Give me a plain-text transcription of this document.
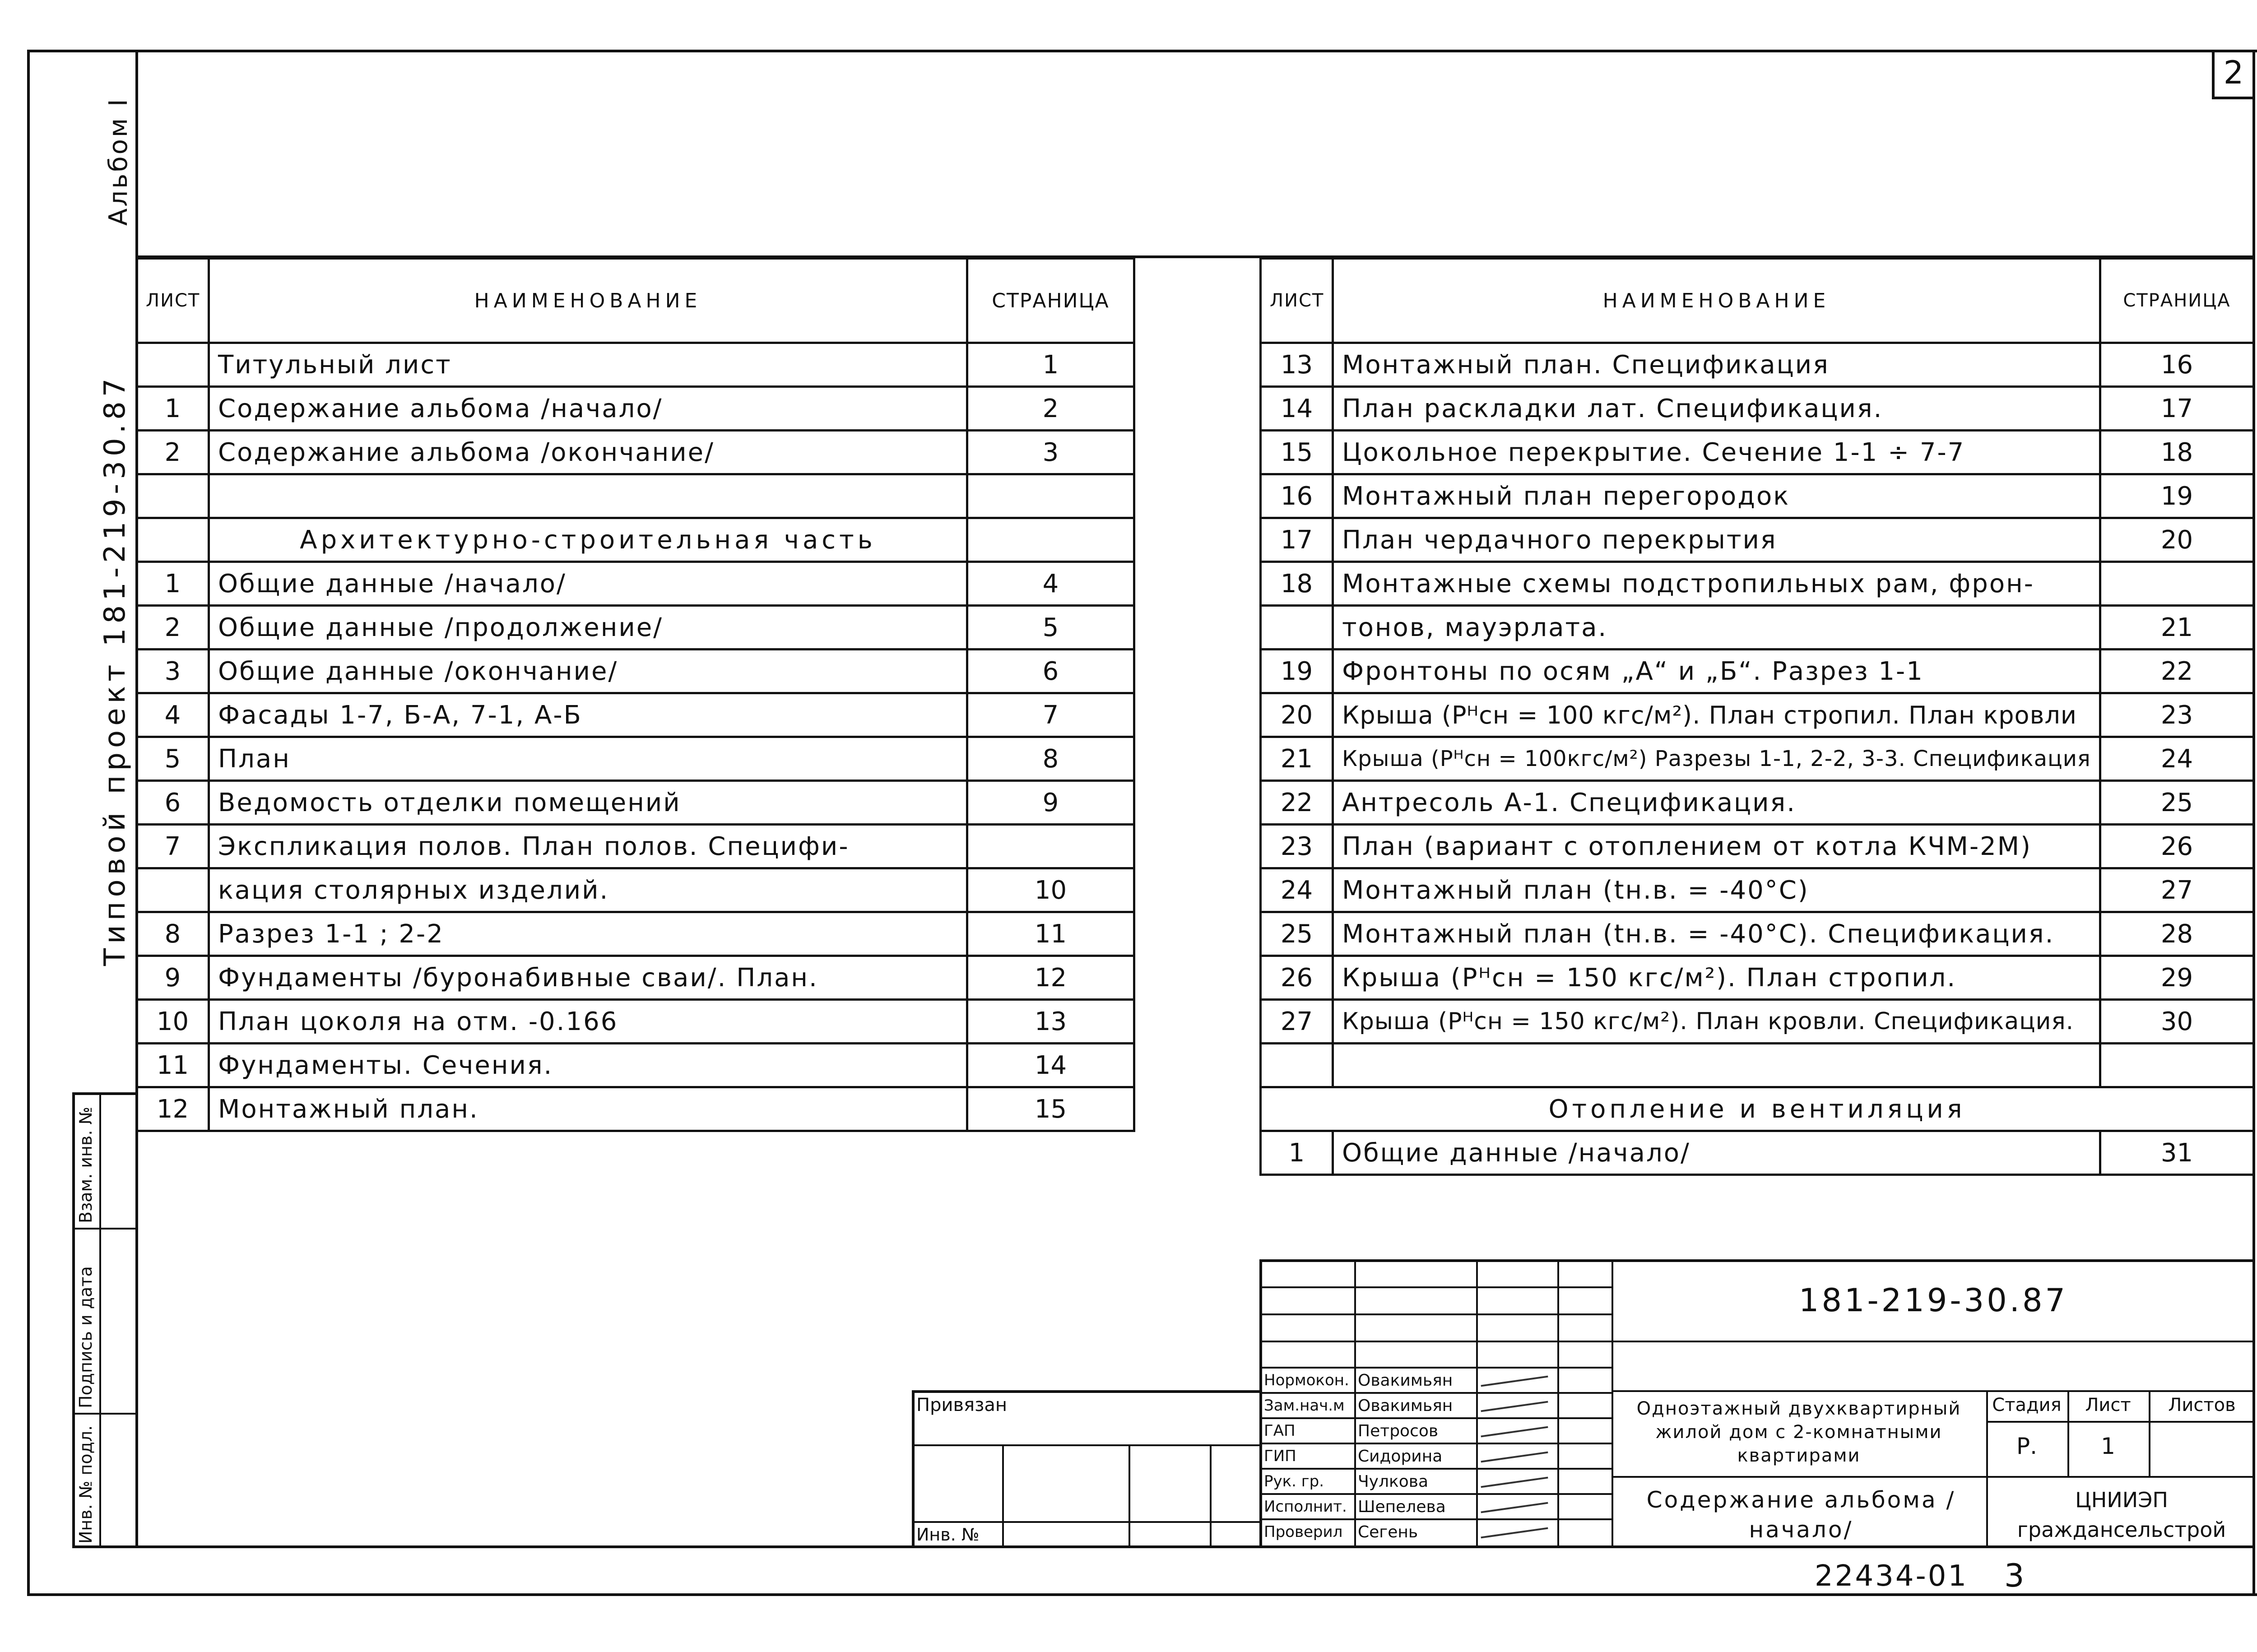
2
Альбом I
Типовой проект 181-219-30.87
Взам. инв. №
Подпись и дата
Инв. № подл.
ЛИСТ	НАИМЕНОВАНИЕ	СТРАНИЦА
	Титульный лист	1
1	Содержание альбома /начало/	2
2	Содержание альбома /окончание/	3

	Архитектурно-строительная часть	
1	Общие данные /начало/	4
2	Общие данные /продолжение/	5
3	Общие данные /окончание/	6
4	Фасады 1-7, Б-А, 7-1, А-Б	7
5	План	8
6	Ведомость отделки помещений	9
7	Экспликация полов. План полов. Специфи-	
	кация столярных изделий.	10
8	Разрез 1-1 ; 2-2	11
9	Фундаменты /буронабивные сваи/. План.	12
10	План цоколя на отм. -0.166	13
11	Фундаменты. Сечения.	14
12	Монтажный план.	15
ЛИСТ	НАИМЕНОВАНИЕ	СТРАНИЦА
13	Монтажный план. Спецификация	16
14	План раскладки лат. Спецификация.	17
15	Цокольное перекрытие. Сечение 1-1 ÷ 7-7	18
16	Монтажный план перегородок	19
17	План чердачного перекрытия	20
18	Монтажные схемы подстропильных рам, фрон-	
	тонов, мауэрлата.	21
19	Фронтоны по осям „А“ и „Б“. Разрез 1-1	22
20	Крыша (Pᴴсн = 100 кгс/м²). План стропил. План кровли	23
21	Крыша (Pᴴсн = 100кгс/м²) Разрезы 1-1, 2-2, 3-3. Спецификация	24
22	Антресоль А-1. Спецификация.	25
23	План (вариант с отоплением от котла КЧМ-2М)	26
24	Монтажный план (tн.в. = -40°С)	27
25	Монтажный план (tн.в. = -40°С). Спецификация.	28
26	Крыша (Pᴴсн = 150 кгс/м²). План стропил.	29
27	Крыша (Pᴴсн = 150 кгс/м²). План кровли. Спецификация.	30

Отопление и вентиляция		
1	Общие данные /начало/	31
181-219-30.87
Одноэтажный двухквартирный жилой дом с 2-комнатными квартирами
Стадия	Лист	Листов
Р.	1
Содержание альбома /начало/
ЦНИИЭП граждансельстрой
Нормокон. Овакимьян
Зам.нач.м Овакимьян
ГАП	Петросов
ГИП	Сидорина
Рук. гр. Чулкова
Исполнит. Шепелева
Проверил Сегень
Привязан
Инв. №
22434-01 3
